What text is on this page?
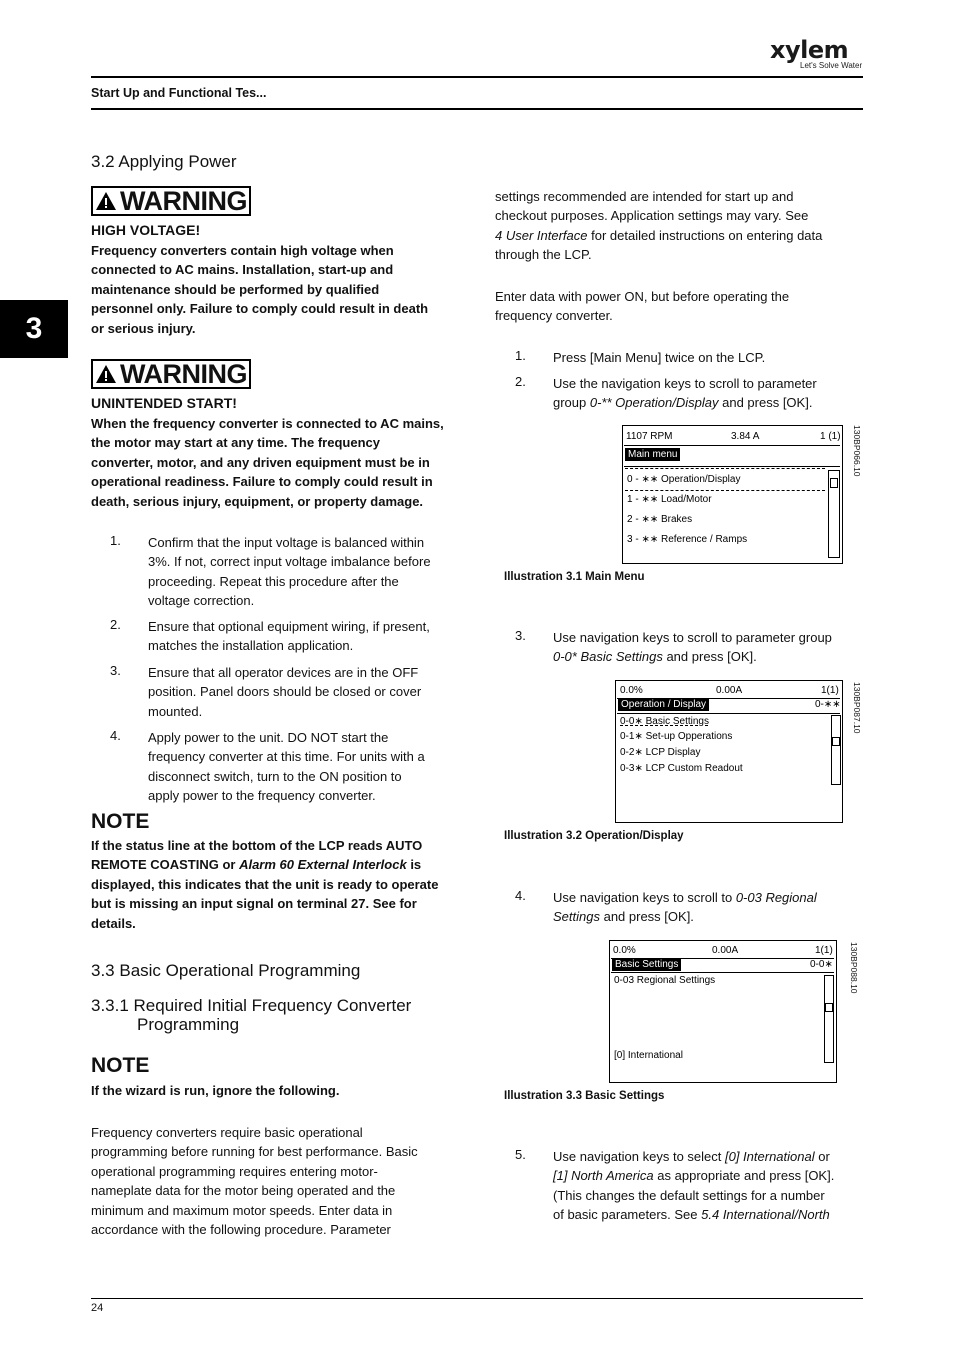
xylem
Let's Solve Water
Start Up and Functional Tes...
3
3.2 Applying Power
WARNING
HIGH VOLTAGE!
Frequency converters contain high voltage when
connected to AC mains. Installation, start-up and
maintenance should be performed by qualified
personnel only. Failure to comply could result in death
or serious injury.
WARNING
UNINTENDED START!
When the frequency converter is connected to AC mains,
the motor may start at any time. The frequency
converter, motor, and any driven equipment must be in
operational readiness. Failure to comply could result in
death, serious injury, equipment, or property damage.
1. Confirm that the input voltage is balanced within
3%. If not, correct input voltage imbalance before
proceeding. Repeat this procedure after the
voltage correction.
2. Ensure that optional equipment wiring, if present,
matches the installation application.
3. Ensure that all operator devices are in the OFF
position. Panel doors should be closed or cover
mounted.
4. Apply power to the unit. DO NOT start the
frequency converter at this time. For units with a
disconnect switch, turn to the ON position to
apply power to the frequency converter.
NOTE
If the status line at the bottom of the LCP reads AUTO
REMOTE COASTING or Alarm 60 External Interlock is
displayed, this indicates that the unit is ready to operate
but is missing an input signal on terminal 27. See for
details.
3.3 Basic Operational Programming
3.3.1 Required Initial Frequency Converter
Programming
NOTE
If the wizard is run, ignore the following.
Frequency converters require basic operational
programming before running for best performance. Basic
operational programming requires entering motor-
nameplate data for the motor being operated and the
minimum and maximum motor speeds. Enter data in
accordance with the following procedure. Parameter
settings recommended are intended for start up and
checkout purposes. Application settings may vary. See
4 User Interface for detailed instructions on entering data
through the LCP.
Enter data with power ON, but before operating the
frequency converter.
1. Press [Main Menu] twice on the LCP.
2. Use the navigation keys to scroll to parameter
group 0-** Operation/Display and press [OK].
1107 RPM	3.84 A	1 (1)
Main menu
0 - ∗∗ Operation/Display
1 - ∗∗ Load/Motor
2 - ∗∗ Brakes
3 - ∗∗ Reference / Ramps
130BP066.10
Illustration 3.1 Main Menu
3. Use navigation keys to scroll to parameter group
0-0* Basic Settings and press [OK].
0.0%	0.00A	1(1)
Operation / Display	0-∗∗
0-0∗ Basic Settings
0-1∗ Set-up Opperations
0-2∗ LCP Display
0-3∗ LCP Custom Readout
130BP087.10
Illustration 3.2 Operation/Display
4. Use navigation keys to scroll to 0-03 Regional
Settings and press [OK].
0.0%	0.00A	1(1)
Basic Settings	0-0∗
0-03 Regional Settings
[0] International
130BP088.10
Illustration 3.3 Basic Settings
5. Use navigation keys to select [0] International or
[1] North America as appropriate and press [OK].
(This changes the default settings for a number
of basic parameters. See 5.4 International/North
24
